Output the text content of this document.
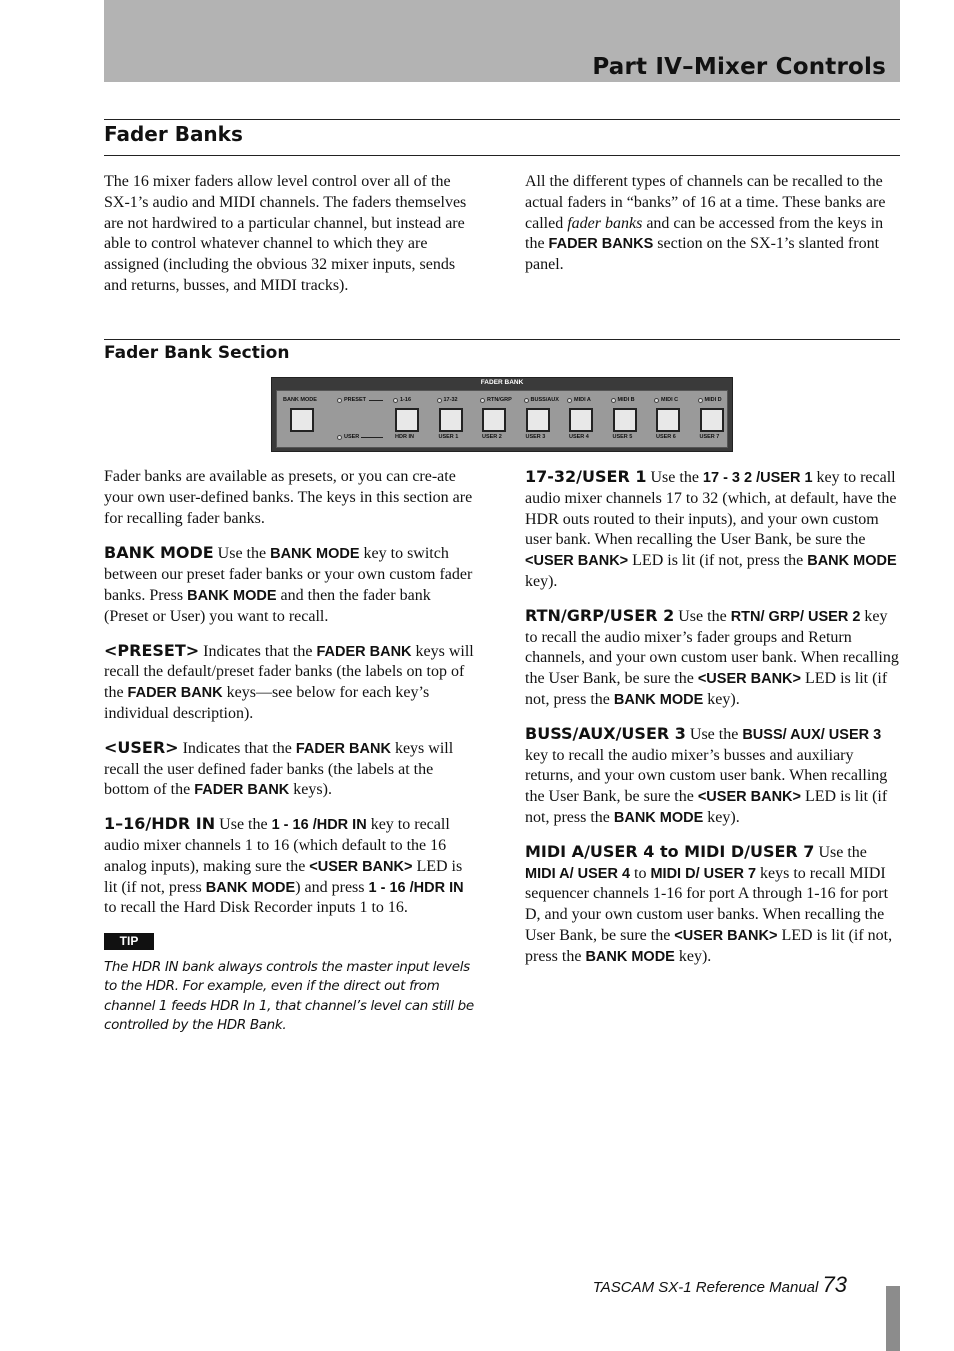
Part IV–Mixer Controls
Fader Banks

The 16 mixer faders allow level control over all of the SX-1’s audio and MIDI channels. The faders themselves are not hardwired to a particular channel, but instead are able to control whatever channel to which they are assigned (including the obvious 32 mixer inputs, sends and returns, busses, and MIDI tracks).

All the different types of channels can be recalled to the actual faders in “banks” of 16 at a time. These banks are called fader banks and can be accessed from the keys in the FADER BANKS section on the SX-1’s slanted front panel.

Fader Bank Section
FADER BANK
BANK MODE	PRESET
USER
1-16
HDR IN
17-32
USER 1
RTN/GRP
USER 2
BUSS/AUX
USER 3
MIDI A
USER 4
MIDI B
USER 5
MIDI C
USER 6
MIDI D
USER 7

Fader banks are available as presets, or you can cre-ate your own user-defined banks. The keys in this section are for recalling fader banks.

BANK MODE Use the BANK MODE key to switch between our preset fader banks or your own custom fader banks. Press BANK MODE and then the fader bank (Preset or User) you want to recall.

<PRESET> Indicates that the FADER BANK keys will recall the default/preset fader banks (the labels on top of the FADER BANK keys—see below for each key’s individual description).

<USER> Indicates that the FADER BANK keys will recall the user defined fader banks (the labels at the bottom of the FADER BANK keys).

1–16/HDR IN Use the 1 - 16 /HDR IN key to recall audio mixer channels 1 to 16 (which default to the 16 analog inputs), making sure the <USER BANK> LED is lit (if not, press BANK MODE) and press 1 - 16 /HDR IN to recall the Hard Disk Recorder inputs 1 to 16.

TIP

The HDR IN bank always controls the master input levels to the HDR. For example, even if the direct out from channel 1 feeds HDR In 1, that channel’s level can still be controlled by the HDR Bank.

17-32/USER 1 Use the 17 - 3 2 /USER 1 key to recall audio mixer channels 17 to 32 (which, at default, have the HDR outs routed to their inputs), and your own custom user bank. When recalling the User Bank, be sure the <USER BANK> LED is lit (if not, press the BANK MODE key).

RTN/GRP/USER 2 Use the RTN/ GRP/ USER 2 key to recall the audio mixer’s fader groups and Return channels, and your own custom user bank. When recalling the User Bank, be sure the <USER BANK> LED is lit (if not, press the BANK MODE key).

BUSS/AUX/USER 3 Use the BUSS/ AUX/ USER 3 key to recall the audio mixer’s busses and auxiliary returns, and your own custom user bank. When recalling the User Bank, be sure the <USER BANK> LED is lit (if not, press the BANK MODE key).

MIDI A/USER 4 to MIDI D/USER 7 Use the MIDI A/ USER 4 to MIDI D/ USER 7 keys to recall MIDI sequencer channels 1-16 for port A through 1-16 for port D, and your own custom user banks. When recalling the User Bank, be sure the <USER BANK> LED is lit (if not, press the BANK MODE key).

TASCAM SX-1 Reference Manual 73
